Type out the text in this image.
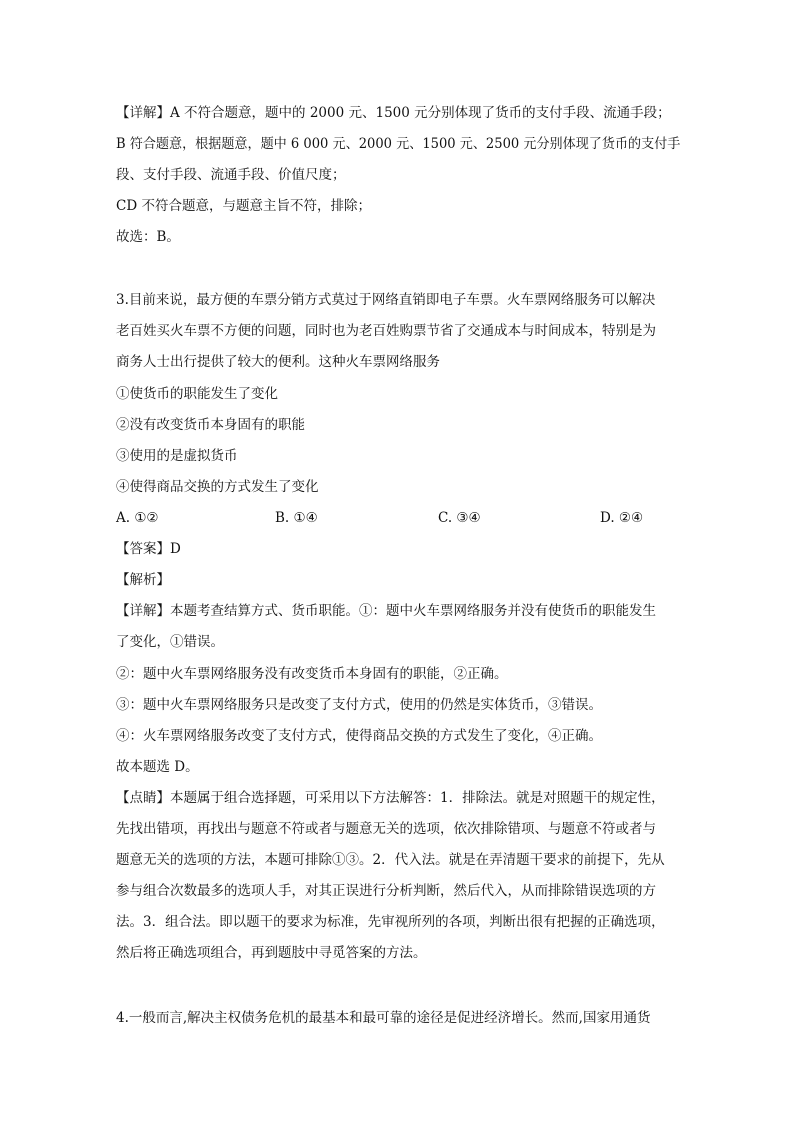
【详解】A 不符合题意，题中的 2000 元、1500 元分别体现了货币的支付手段、流通手段；
B 符合题意，根据题意，题中 6 000 元、2000 元、1500 元、2500 元分别体现了货币的支付手
段、支付手段、流通手段、价值尺度；
CD 不符合题意，与题意主旨不符，排除；
故选：B。
3.目前来说，最方便的车票分销方式莫过于网络直销即电子车票。火车票网络服务可以解决
老百姓买火车票不方便的问题，同时也为老百姓购票节省了交通成本与时间成本，特别是为
商务人士出行提供了较大的便利。这种火车票网络服务
①使货币的职能发生了变化
②没有改变货币本身固有的职能
③使用的是虚拟货币
④使得商品交换的方式发生了变化
A. ①②	B. ①④	C. ③④	D. ②④
【答案】D
【解析】
【详解】本题考查结算方式、货币职能。①：题中火车票网络服务并没有使货币的职能发生
了变化，①错误。
②：题中火车票网络服务没有改变货币本身固有的职能，②正确。
③：题中火车票网络服务只是改变了支付方式，使用的仍然是实体货币，③错误。
④：火车票网络服务改变了支付方式，使得商品交换的方式发生了变化，④正确。
故本题选 D。
【点睛】本题属于组合选择题，可采用以下方法解答：1．排除法。就是对照题干的规定性，
先找出错项，再找出与题意不符或者与题意无关的选项，依次排除错项、与题意不符或者与
题意无关的选项的方法，本题可排除①③。2．代入法。就是在弄清题干要求的前提下，先从
参与组合次数最多的选项人手，对其正误进行分析判断，然后代入，从而排除错误选项的方
法。3．组合法。即以题干的要求为标准，先审视所列的各项，判断出很有把握的正确选项，
然后将正确选项组合，再到题肢中寻觅答案的方法。
4.一般而言,解决主权债务危机的最基本和最可靠的途径是促进经济增长。然而,国家用通货
